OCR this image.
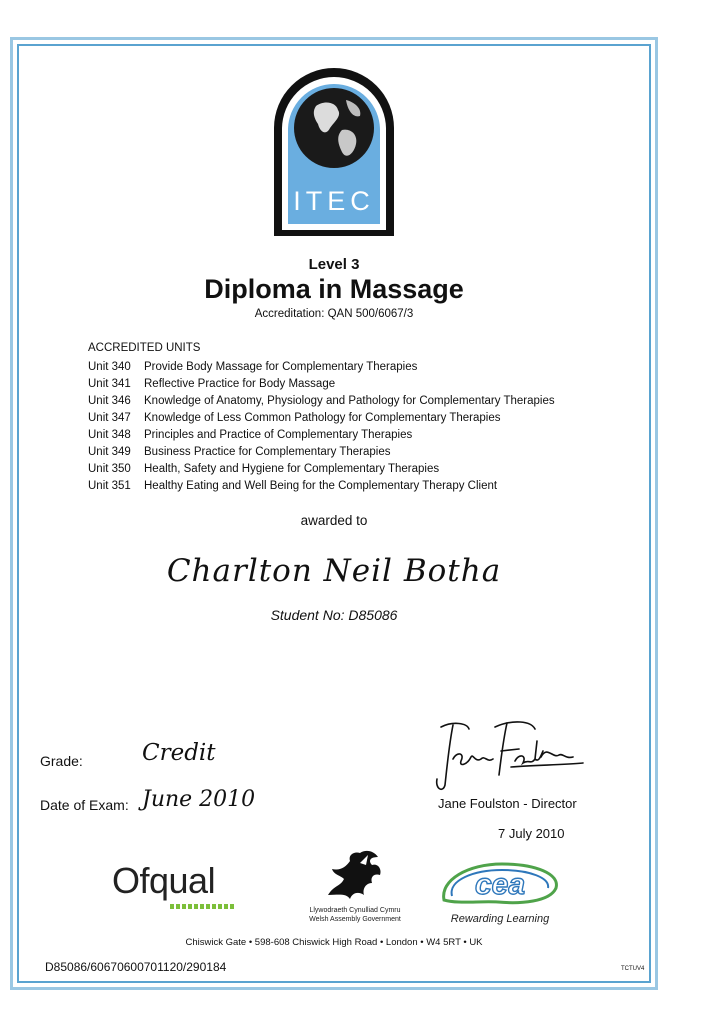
ITEC
Level 3
Diploma in Massage
Accreditation: QAN 500/6067/3
ACCREDITED UNITS
Unit 340 Provide Body Massage for Complementary Therapies
Unit 341 Reflective Practice for Body Massage
Unit 346 Knowledge of Anatomy, Physiology and Pathology for Complementary Therapies
Unit 347 Knowledge of Less Common Pathology for Complementary Therapies
Unit 348 Principles and Practice of Complementary Therapies
Unit 349 Business Practice for Complementary Therapies
Unit 350 Health, Safety and Hygiene for Complementary Therapies
Unit 351 Healthy Eating and Well Being for the Complementary Therapy Client
awarded to
Charlton Neil Botha
Student No: D85086
Grade:	Credit
Date of Exam: June 2010	Jane Foulston - Director
7 July 2010
Ofqual
Llywodraeth Cynulliad Cymru
Welsh Assembly Government
cea
Rewarding Learning
Chiswick Gate • 598-608 Chiswick High Road • London • W4 5RT • UK
D85086/60670600701120/290184	TCTUV4
